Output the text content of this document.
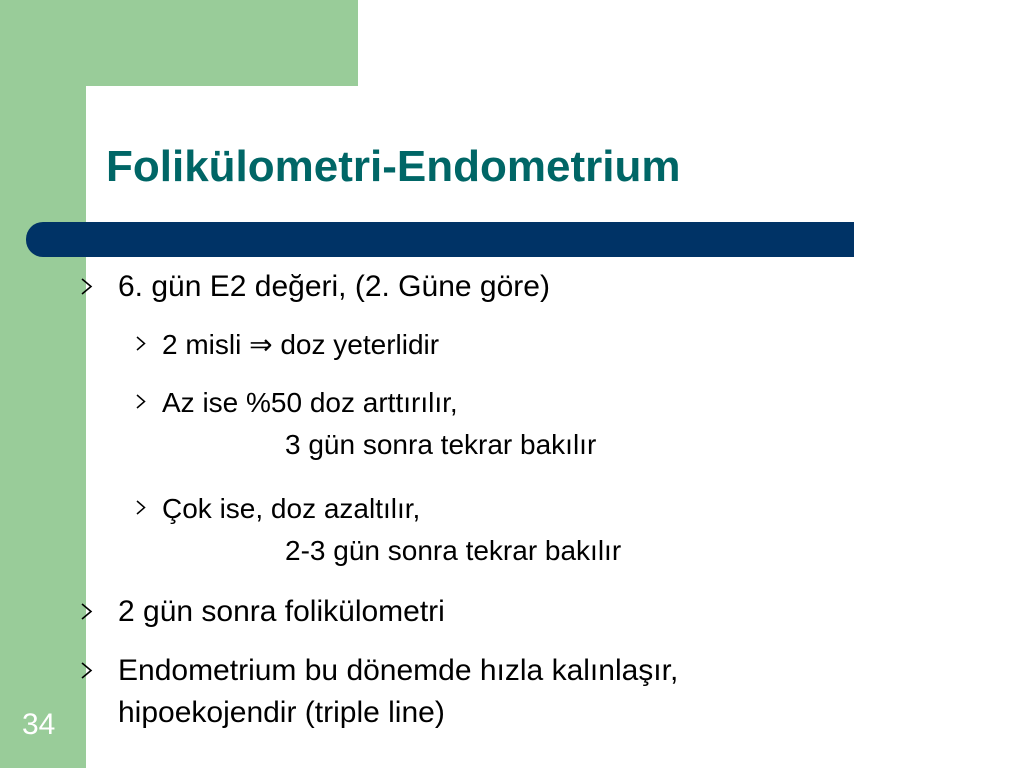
Folikülometri-Endometrium
6. gün E2 değeri, (2. Güne göre)
2 misli ⇒ doz yeterlidir
Az ise %50 doz arttırılır,
3 gün sonra tekrar bakılır
Çok ise, doz azaltılır,
2-3 gün sonra tekrar bakılır
2 gün sonra folikülometri
Endometrium bu dönemde hızla kalınlaşır,
hipoekojendir (triple line)
34
